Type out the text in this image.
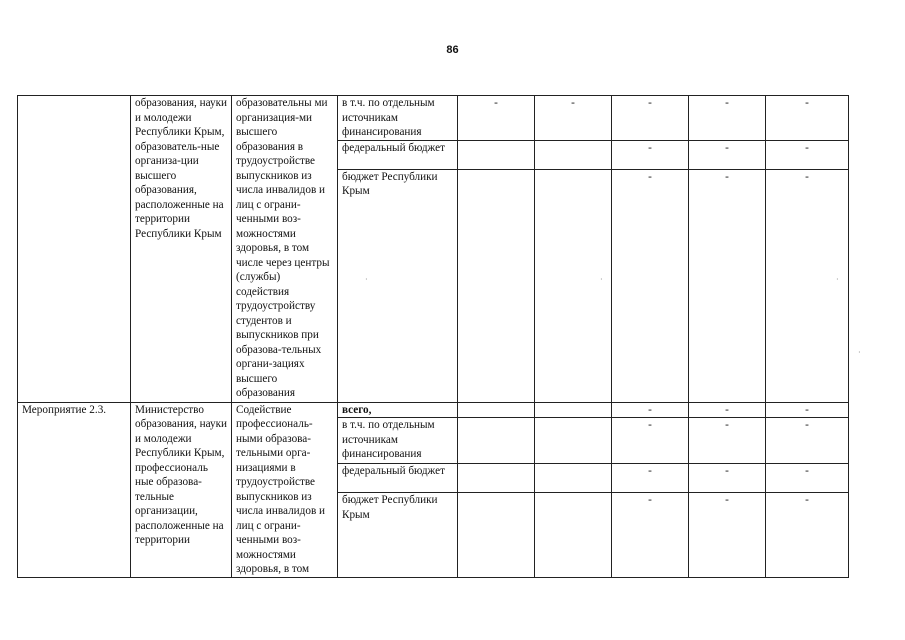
86
	образования, науки и молодежи Республики Крым, образователь-ные организа-ции высшего образования, расположенные на территории Республики Крым	образовательны ми организация-ми высшего образования в трудоустройстве выпускников из числа инвалидов и лиц с ограни-ченными воз-можностями здоровья, в том числе через центры (службы) содействия трудоустройству студентов и выпускников при образова-тельных органи-зациях высшего образования	в т.ч. по отдельным источникам финансирования	-	-	-	-	-
			федеральный бюджет			-	-	-
			бюджет Республики Крым			-	-	-
Мероприятие 2.3.	Министерство образования, науки и молодежи Республики Крым, профессиональ ные образова-тельные организации, расположенные на территории	Содействие профессиональ-ными образова-тельными орга-низациями в трудоустройстве выпускников из числа инвалидов и лиц с ограни-ченными воз-можностями здоровья, в том	всего,			-	-	-
			в т.ч. по отдельным источникам финансирования			-	-	-
			федеральный бюджет			-	-	-
			бюджет Республики Крым			-	-	-
·	·	·
·
